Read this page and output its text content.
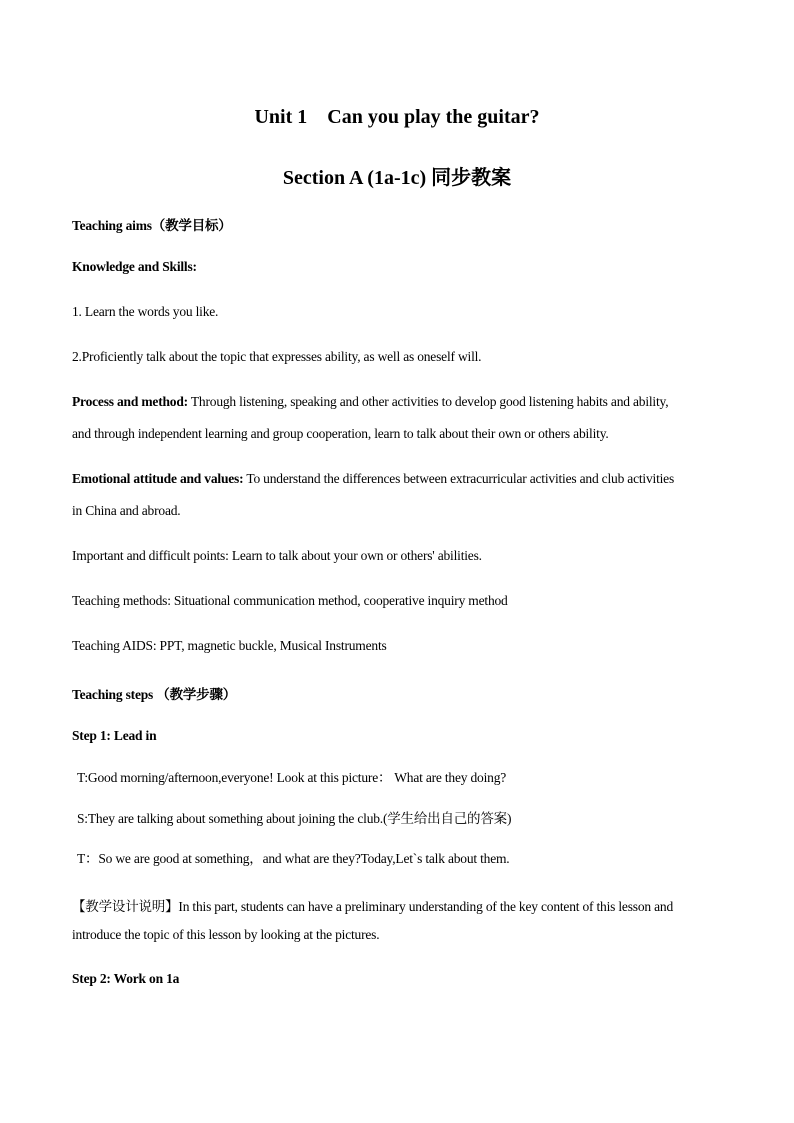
Unit 1    Can you play the guitar?
Section A (1a-1c) 同步教案
Teaching aims（教学目标）
Knowledge and Skills:
1. Learn the words you like.
2.Proficiently talk about the topic that expresses ability, as well as oneself will.
Process and method: Through listening, speaking and other activities to develop good listening habits and ability,
and through independent learning and group cooperation, learn to talk about their own or others ability.
Emotional attitude and values: To understand the differences between extracurricular activities and club activities
in China and abroad.
Important and difficult points: Learn to talk about your own or others' abilities.
Teaching methods: Situational communication method, cooperative inquiry method
Teaching AIDS: PPT, magnetic buckle, Musical Instruments
Teaching steps （教学步骤）
Step 1: Lead in
T:Good morning/afternoon,everyone! Look at this picture： What are they doing?
S:They are talking about something about joining the club.(学生给出自己的答案)
T：So we are good at something，and what are they?Today,Let`s talk about them.
【教学设计说明】In this part, students can have a preliminary understanding of the key content of this lesson and
introduce the topic of this lesson by looking at the pictures.
Step 2: Work on 1a
